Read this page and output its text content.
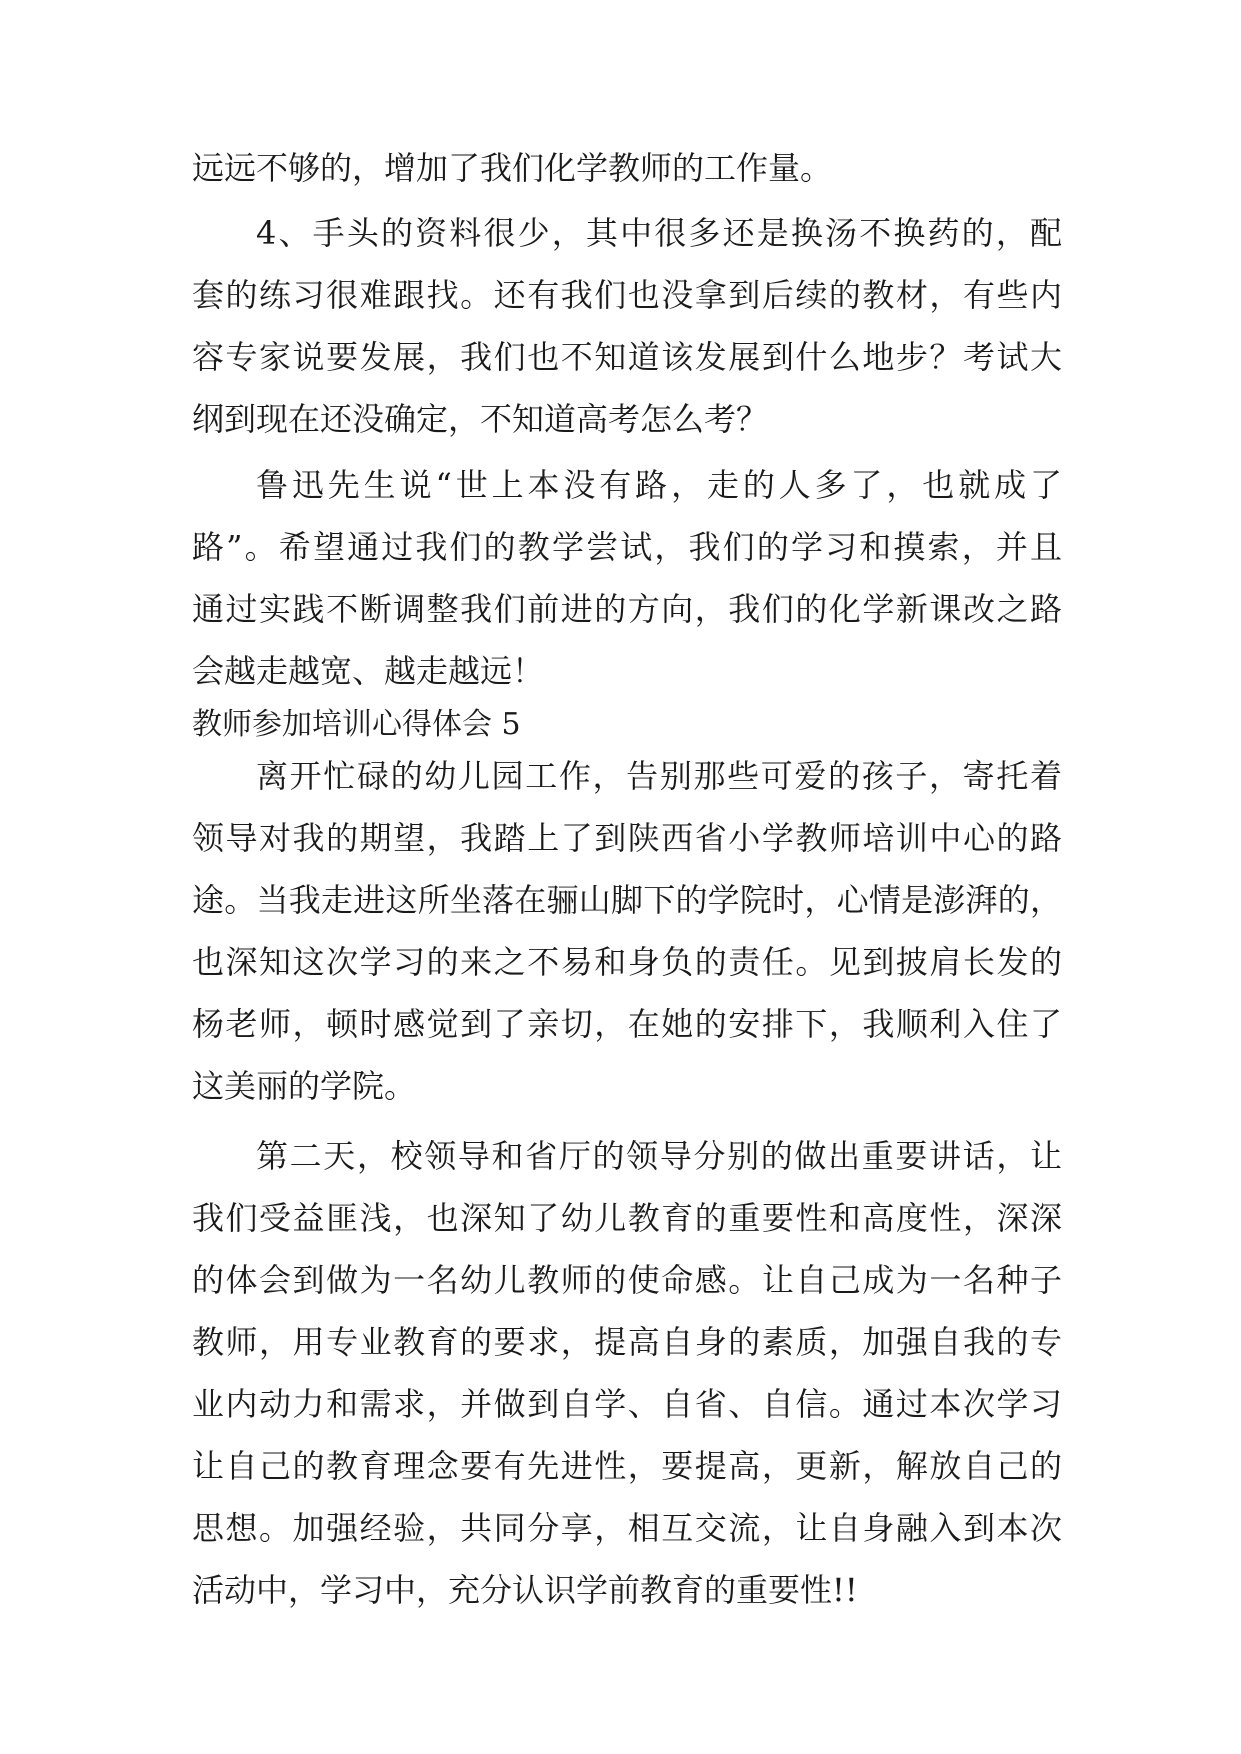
远远不够的，增加了我们化学教师的工作量。
4、手头的资料很少，其中很多还是换汤不换药的，配
套的练习很难跟找。还有我们也没拿到后续的教材，有些内
容专家说要发展，我们也不知道该发展到什么地步？考试大
纲到现在还没确定，不知道高考怎么考？
鲁迅先生说“世上本没有路，走的人多了，也就成了
路”。希望通过我们的教学尝试，我们的学习和摸索，并且
通过实践不断调整我们前进的方向，我们的化学新课改之路
会越走越宽、越走越远！
教师参加培训心得体会 5
离开忙碌的幼儿园工作，告别那些可爱的孩子，寄托着
领导对我的期望，我踏上了到陕西省小学教师培训中心的路
途。当我走进这所坐落在骊山脚下的学院时，心情是澎湃的，
也深知这次学习的来之不易和身负的责任。见到披肩长发的
杨老师，顿时感觉到了亲切，在她的安排下，我顺利入住了
这美丽的学院。
第二天，校领导和省厅的领导分别的做出重要讲话，让
我们受益匪浅，也深知了幼儿教育的重要性和高度性，深深
的体会到做为一名幼儿教师的使命感。让自己成为一名种子
教师，用专业教育的要求，提高自身的素质，加强自我的专
业内动力和需求，并做到自学、自省、自信。通过本次学习
让自己的教育理念要有先进性，要提高，更新，解放自己的
思想。加强经验，共同分享，相互交流，让自身融入到本次
活动中，学习中，充分认识学前教育的重要性!!
